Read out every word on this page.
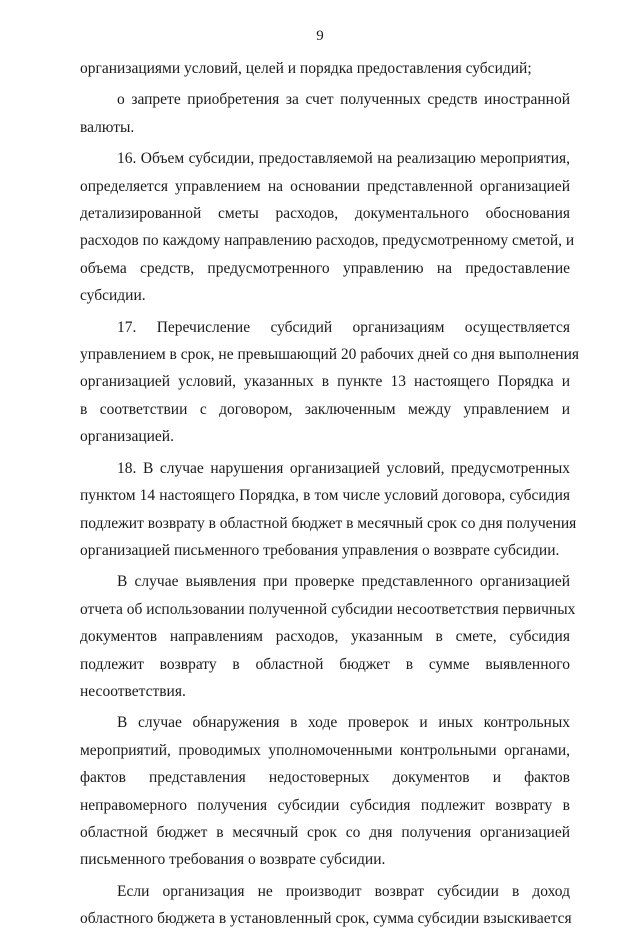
9
организациями условий, целей и порядка предоставления субсидий;
о запрете приобретения за счет полученных средств иностранной
валюты.
16. Объем субсидии, предоставляемой на реализацию мероприятия,
определяется управлением на основании представленной организацией
детализированной сметы расходов, документального обоснования
расходов по каждому направлению расходов, предусмотренному сметой, и
объема средств, предусмотренного управлению на предоставление
субсидии.
17. Перечисление субсидий организациям осуществляется
управлением в срок, не превышающий 20 рабочих дней со дня выполнения
организацией условий, указанных в пункте 13 настоящего Порядка и
в соответствии с договором, заключенным между управлением и
организацией.
18. В случае нарушения организацией условий, предусмотренных
пунктом 14 настоящего Порядка, в том числе условий договора, субсидия
подлежит возврату в областной бюджет в месячный срок со дня получения
организацией письменного требования управления о возврате субсидии.
В случае выявления при проверке представленного организацией
отчета об использовании полученной субсидии несоответствия первичных
документов направлениям расходов, указанным в смете, субсидия
подлежит возврату в областной бюджет в сумме выявленного
несоответствия.
В случае обнаружения в ходе проверок и иных контрольных
мероприятий, проводимых уполномоченными контрольными органами,
фактов представления недостоверных документов и фактов
неправомерного получения субсидии субсидия подлежит возврату в
областной бюджет в месячный срок со дня получения организацией
письменного требования о возврате субсидии.
Если организация не производит возврат субсидии в доход
областного бюджета в установленный срок, сумма субсидии взыскивается
